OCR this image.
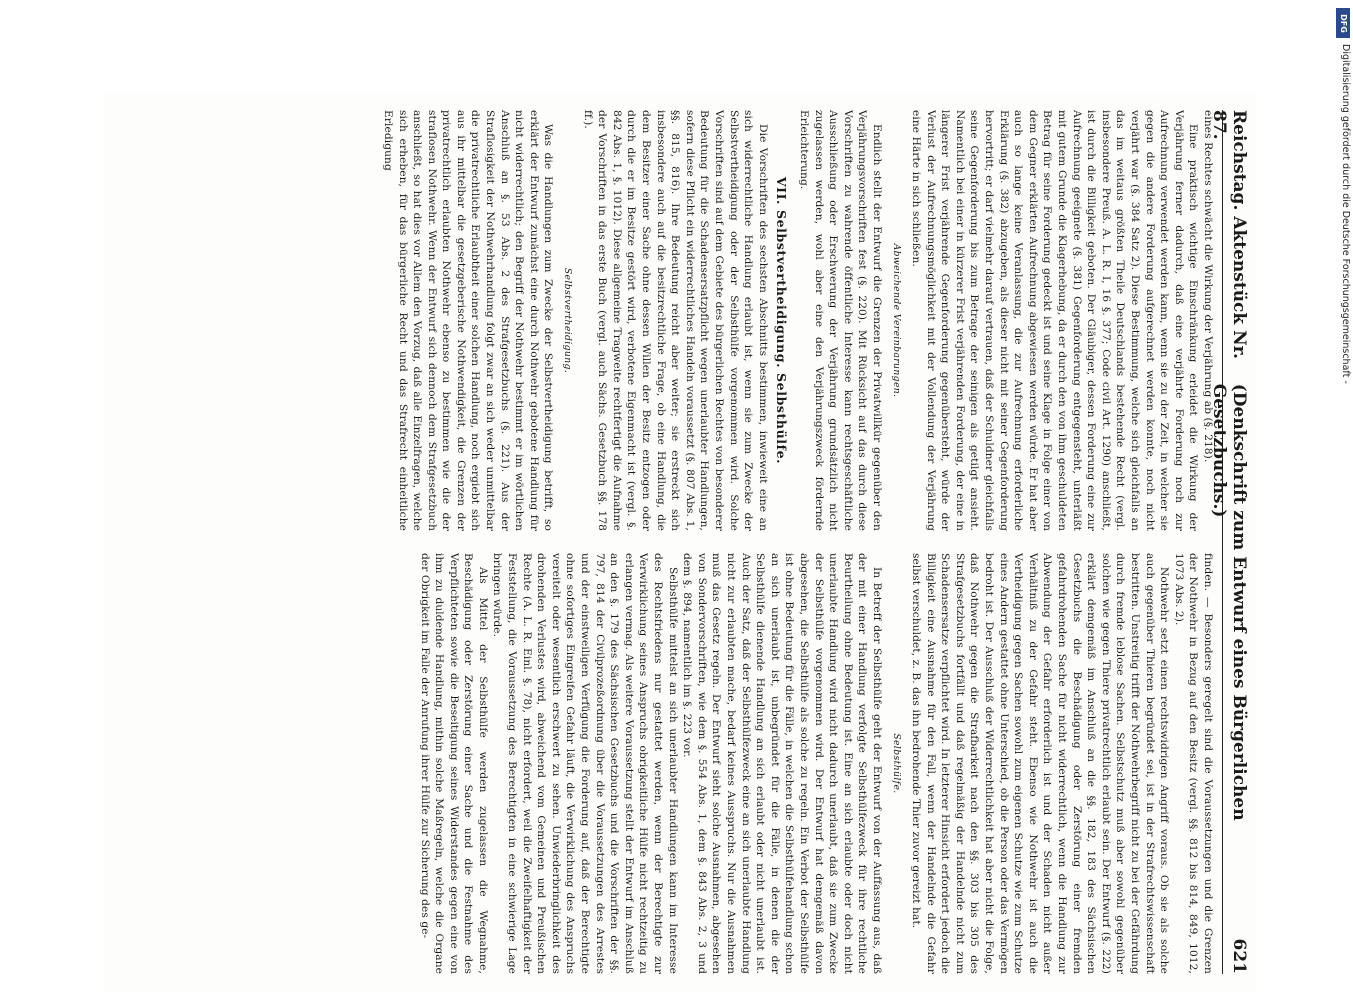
Reichstag. Aktenstück Nr. 87.
(Denkschrift zum Entwurf eines Bürgerlichen Gesetzbuchs.)
621

eines Rechtes schwächt die Wirkung der Verjährung ab (§. 218).

Eine praktisch wichtige Einschränkung erleidet die Wirkung der Verjährung ferner dadurch, daß eine verjährte Forderung noch zur Aufrechnung verwendet werden kann, wenn sie zu der Zeit, in welcher sie gegen die andere Forderung aufgerechnet werden konnte, noch nicht verjährt war (§. 384 Satz 2). Diese Bestimmung, welche sich gleichfalls an das im weitaus größten Theile Deutschlands bestehende Recht (vergl. insbesondere Preuß. A. L. R. I, 16 §. 377; Code civil Art. 1290) anschließt, ist durch die Billigkeit geboten. Der Gläubiger, dessen Forderung eine zur Aufrechnung geeignete (§. 381) Gegenforderung entgegensteht, unterläßt mit gutem Grunde die Klagerhebung, da er durch den von ihm geschuldeten Betrag für seine Forderung gedeckt ist und seine Klage in Folge einer von dem Gegner erklärten Aufrechnung abgewiesen werden würde. Er hat aber auch so lange keine Veranlassung, die zur Aufrechnung erforderliche Erklärung (§. 382) abzugeben, als dieser nicht mit seiner Gegenforderung hervortritt; er darf vielmehr darauf vertrauen, daß der Schuldner gleichfalls seine Gegenforderung bis zum Betrage der seinigen als getilgt ansieht. Namentlich bei einer in kürzerer Frist verjährenden Forderung, der eine in längerer Frist verjährende Gegenforderung gegenübersteht, würde der Verlust der Aufrechnungsmöglichkeit mit der Vollendung der Verjährung eine Härte in sich schließen.

Abweichende Vereinbarungen.

Endlich stellt der Entwurf die Grenzen der Privatwillkür gegenüber den Verjährungsvorschriften fest (§. 220). Mit Rücksicht auf das durch diese Vorschriften zu wahrende öffentliche Interesse kann rechtsgeschäftliche Ausschließung oder Erschwerung der Verjährung grundsätzlich nicht zugelassen werden, wohl aber eine den Verjährungszweck fördernde Erleichterung.

VII. Selbstvertheidigung. Selbsthülfe.

Die Vorschriften des sechsten Abschnitts bestimmen, inwieweit eine an sich widerrechtliche Handlung erlaubt ist, wenn sie zum Zwecke der Selbstvertheidigung oder der Selbsthülfe vorgenommen wird. Solche Vorschriften sind auf dem Gebiete des bürgerlichen Rechtes von besonderer Bedeutung für die Schadensersatzpflicht wegen unerlaubter Handlungen, sofern diese Pflicht ein widerrechtliches Handeln voraussetzt (§. 807 Abs. 1, §§. 815, 816). Ihre Bedeutung reicht aber weiter; sie erstreckt sich insbesondere auch auf die besitzrechtliche Frage, ob eine Handlung, die dem Besitzer einer Sache ohne dessen Willen der Besitz entzogen oder durch die er im Besitze gestört wird, verbotene Eigenmacht ist (vergl. §. 842 Abs. 1, §. 1012). Diese allgemeine Tragweite rechtfertigt die Aufnahme der Vorschriften in das erste Buch (vergl. auch Sächs. Gesetzbuch §§. 178 ff.).

Selbstvertheidigung.

Was die Handlungen zum Zwecke der Selbstvertheidigung betrifft, so erklärt der Entwurf zunächst eine durch Nothwehr gebotene Handlung für nicht widerrechtlich; den Begriff der Nothwehr bestimmt er im wörtlichen Anschluß an §. 53 Abs. 2 des Strafgesetzbuchs (§. 221). Aus der Straflosigkeit der Nothwehrhandlung folgt zwar an sich weder unmittelbar die privatrechtliche Erlaubtheit einer solchen Handlung, noch ergiebt sich aus ihr mittelbar die gesetzgeberische Nothwendigkeit, die Grenzen der privatrechtlich erlaubten Nothwehr ebenso zu bestimmen wie die der straflosen Nothwehr. Wenn der Entwurf sich dennoch dem Strafgesetzbuch anschließt, so hat dies vor Allem den Vorzug, daß alle Einzelfragen, welche sich erheben, für das bürgerliche Recht und das Strafrecht einheitliche Erledigung

finden. — Besonders geregelt sind die Voraussetzungen und die Grenzen der Nothwehr in Bezug auf den Besitz (vergl. §§. 812 bis 814, 849, 1012, 1073 Abs. 2).

Nothwehr setzt einen rechtswidrigen Angriff voraus. Ob sie als solche auch gegenüber Thieren begründet sei, ist in der Strafrechtswissenschaft bestritten. Unstreitig trifft der Nothwehrbegriff nicht zu bei der Gefährdung durch fremde leblose Sachen. Selbstschutz muß aber sowohl gegenüber solchen wie gegen Thiere privatrechtlich erlaubt sein. Der Entwurf (§. 222) erklärt demgemäß im Anschluß an die §§. 182, 183 des Sächsischen Gesetzbuchs die Beschädigung oder Zerstörung einer fremden gefahrdrohenden Sache für nicht widerrechtlich, wenn die Handlung zur Abwendung der Gefahr erforderlich ist und der Schaden nicht außer Verhältniß zu der Gefahr steht. Ebenso wie Nothwehr ist auch die Vertheidigung gegen Sachen sowohl zum eigenen Schutze wie zum Schutze eines Andern gestattet ohne Unterschied, ob die Person oder das Vermögen bedroht ist. Der Ausschluß der Widerrechtlichkeit hat aber nicht die Folge, daß Nothwehr gegen die Strafbarkeit nach den §§. 303 bis 305 des Strafgesetzbuchs fortfällt und daß regelmäßig der Handelnde nicht zum Schadensersatze verpflichtet wird. In letzterer Hinsicht erfordert jedoch die Billigkeit eine Ausnahme für den Fall, wenn der Handelnde die Gefahr selbst verschuldet, z. B. das ihn bedrohende Thier zuvor gereizt hat.

Selbsthülfe.

In Betreff der Selbsthülfe geht der Entwurf von der Auffassung aus, daß der mit einer Handlung verfolgte Selbsthülfezweck für ihre rechtliche Beurtheilung ohne Bedeutung ist. Eine an sich erlaubte oder doch nicht unerlaubte Handlung wird nicht dadurch unerlaubt, daß sie zum Zwecke der Selbsthülfe vorgenommen wird. Der Entwurf hat demgemäß davon abgesehen, die Selbsthülfe als solche zu regeln. Ein Verbot der Selbsthülfe ist ohne Bedeutung für die Fälle, in welchen die Selbsthülfehandlung schon an sich unerlaubt ist, unbegründet für die Fälle, in denen die der Selbsthülfe dienende Handlung an sich erlaubt oder nicht unerlaubt ist. Auch der Satz, daß der Selbsthülfezweck eine an sich unerlaubte Handlung nicht zur erlaubten mache, bedarf keines Ausspruchs. Nur die Ausnahmen muß das Gesetz regeln. Der Entwurf sieht solche Ausnahmen, abgesehen von Sondervorschriften, wie dem §. 554 Abs. 1, dem §. 843 Abs. 2, 3 und dem §. 894, namentlich im §. 223 vor.

Selbsthülfe mittelst an sich unerlaubter Handlungen kann im Interesse des Rechtsfriedens nur gestattet werden, wenn der Berechtigte zur Verwirklichung seines Anspruchs obrigkeitliche Hülfe nicht rechtzeitig zu erlangen vermag. Als weitere Voraussetzung stellt der Entwurf im Anschluß an den §. 179 des Sächsischen Gesetzbuchs und die Vorschriften der §§. 797, 814 der Civilprozeßordnung über die Voraussetzungen des Arrestes und der einstweiligen Verfügung die Forderung auf, daß der Berechtigte ohne sofortiges Eingreifen Gefahr läuft, die Verwirklichung des Anspruchs vereitelt oder wesentlich erschwert zu sehen. Unwiederbringlichkeit des drohenden Verlustes wird, abweichend vom Gemeinen und Preußischen Rechte (A. L. R. Einl. §. 78), nicht erfordert, weil die Zweifelhaftigkeit der Feststellung, die Voraussetzung des Berechtigten in eine schwierige Lage bringen würde.

Als Mittel der Selbsthülfe werden zugelassen die Wegnahme, Beschädigung oder Zerstörung einer Sache und die Festnahme des Verpflichteten sowie die Beseitigung seines Widerstandes gegen eine von ihm zu duldende Handlung, mithin solche Maßregeln, welche die Organe der Obrigkeit im Falle der Anrufung ihrer Hülfe zur Sicherung des ge-

DFG
Digitalisierung gefördert durch die Deutsche Forschungsgemeinschaft -
